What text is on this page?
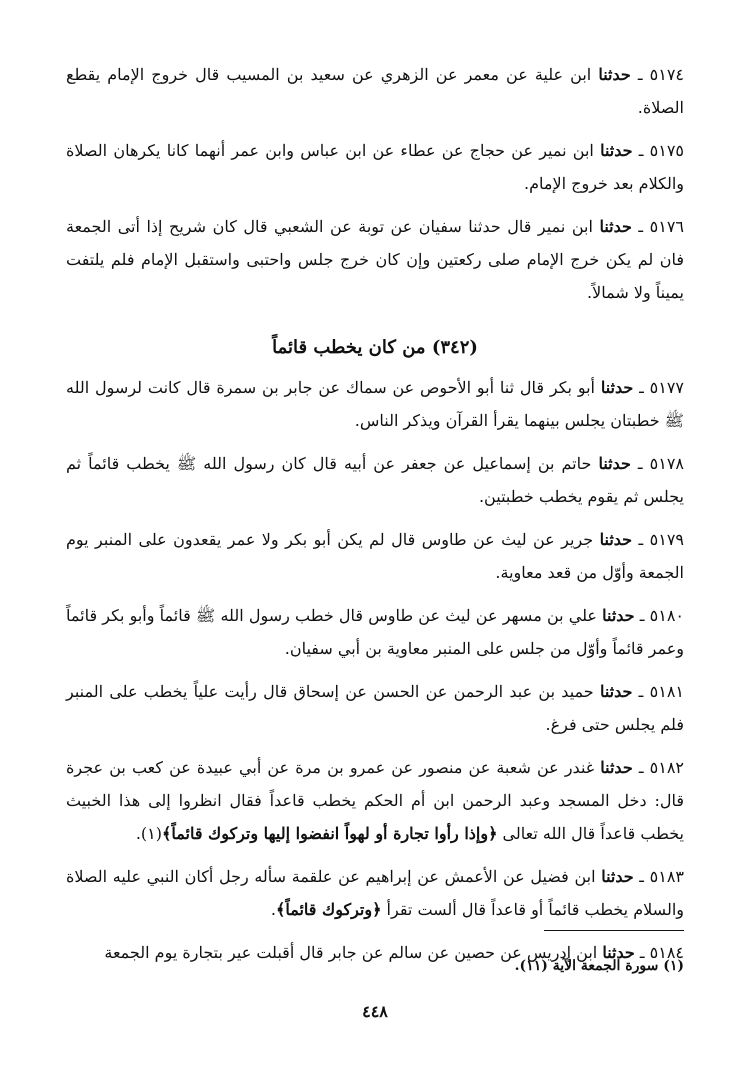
٥١٧٤ ـ حدثنا ابن علية عن معمر عن الزهري عن سعيد بن المسيب قال خروج الإمام يقطع الصلاة.

٥١٧٥ ـ حدثنا ابن نمير عن حجاج عن عطاء عن ابن عباس وابن عمر أنهما كانا يكرهان الصلاة والكلام بعد خروج الإمام.

٥١٧٦ ـ حدثنا ابن نمير قال حدثنا سفيان عن توبة عن الشعبي قال كان شريح إذا أتى الجمعة فان لم يكن خرج الإمام صلى ركعتين وإن كان خرج جلس واحتبى واستقبل الإمام فلم يلتفت يميناً ولا شمالاً.

(٣٤٢) من كان يخطب قائماً

٥١٧٧ ـ حدثنا أبو بكر قال ثنا أبو الأحوص عن سماك عن جابر بن سمرة قال كانت لرسول الله ﷺ خطبتان يجلس بينهما يقرأ القرآن ويذكر الناس.

٥١٧٨ ـ حدثنا حاتم بن إسماعيل عن جعفر عن أبيه قال كان رسول الله ﷺ يخطب قائماً ثم يجلس ثم يقوم يخطب خطبتين.

٥١٧٩ ـ حدثنا جرير عن ليث عن طاوس قال لم يكن أبو بكر ولا عمر يقعدون على المنبر يوم الجمعة وأوّل من قعد معاوية.

٥١٨٠ ـ حدثنا علي بن مسهر عن ليث عن طاوس قال خطب رسول الله ﷺ قائماً وأبو بكر قائماً وعمر قائماً وأوّل من جلس على المنبر معاوية بن أبي سفيان.

٥١٨١ ـ حدثنا حميد بن عبد الرحمن عن الحسن عن إسحاق قال رأيت علياً يخطب على المنبر فلم يجلس حتى فرغ.

٥١٨٢ ـ حدثنا غندر عن شعبة عن منصور عن عمرو بن مرة عن أبي عبيدة عن كعب بن عجرة قال: دخل المسجد وعبد الرحمن ابن أم الحكم يخطب قاعداً فقال انظروا إلى هذا الخبيث يخطب قاعداً قال الله تعالى ﴿وإذا رأوا تجارة أو لهواً انفضوا إليها وتركوك قائماً﴾(١).

٥١٨٣ ـ حدثنا ابن فضيل عن الأعمش عن إبراهيم عن علقمة سأله رجل أكان النبي عليه الصلاة والسلام يخطب قائماً أو قاعداً قال ألست تقرأ ﴿وتركوك قائماً﴾.

٥١٨٤ ـ حدثنا ابن إدريس عن حصين عن سالم عن جابر قال أقبلت عير بتجارة يوم الجمعة

(١) سورة الجمعة الآية (١١).
٤٤٨
